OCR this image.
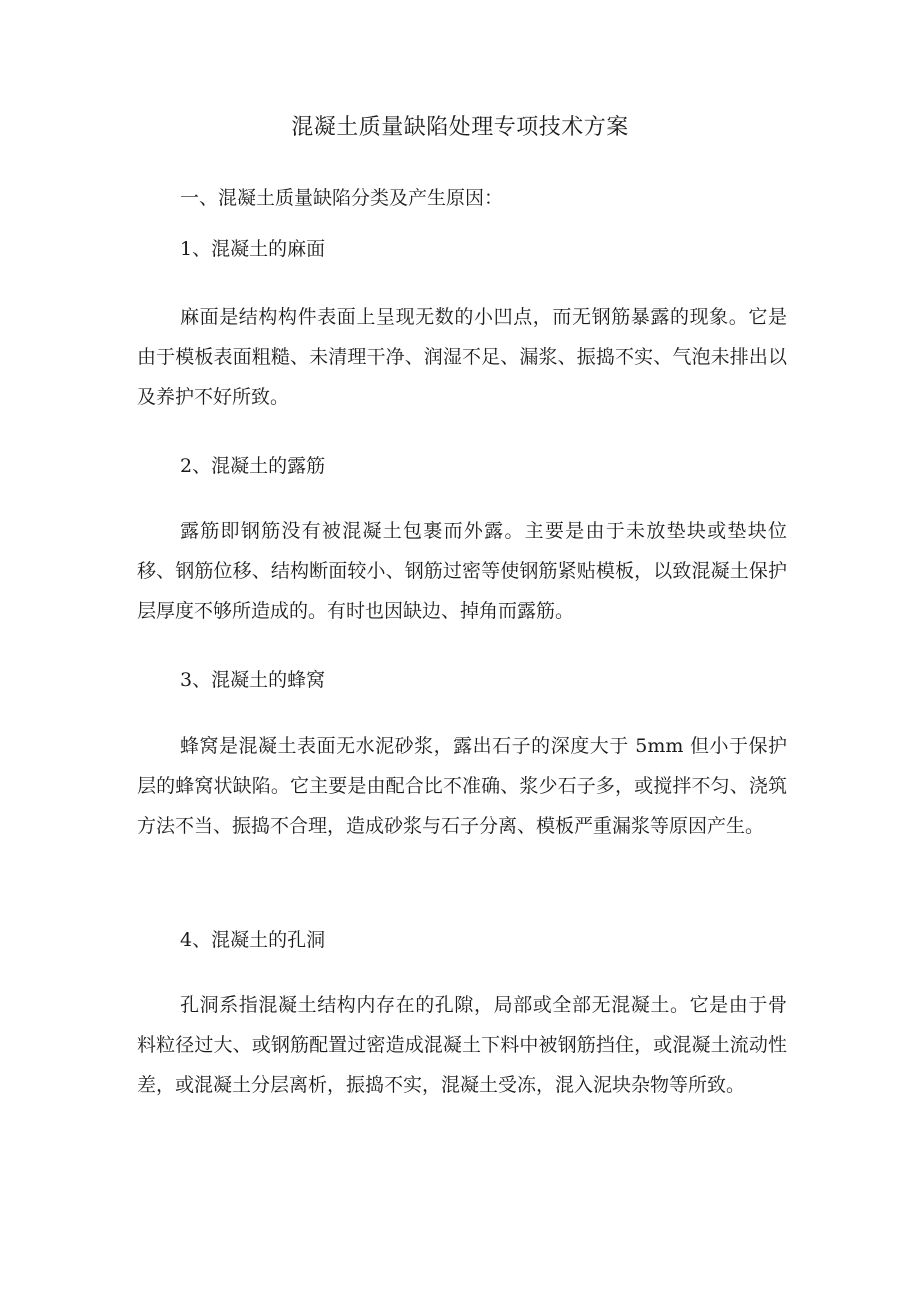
混凝土质量缺陷处理专项技术方案
一、混凝土质量缺陷分类及产生原因：
1、混凝土的麻面

麻面是结构构件表面上呈现无数的小凹点，而无钢筋暴露的现象。它是由于模板表面粗糙、未清理干净、润湿不足、漏浆、振捣不实、气泡未排出以及养护不好所致。

2、混凝土的露筋

露筋即钢筋没有被混凝土包裹而外露。主要是由于未放垫块或垫块位移、钢筋位移、结构断面较小、钢筋过密等使钢筋紧贴模板，以致混凝土保护层厚度不够所造成的。有时也因缺边、掉角而露筋。

3、混凝土的蜂窝

蜂窝是混凝土表面无水泥砂浆，露出石子的深度大于 5mm 但小于保护层的蜂窝状缺陷。它主要是由配合比不准确、浆少石子多，或搅拌不匀、浇筑方法不当、振捣不合理，造成砂浆与石子分离、模板严重漏浆等原因产生。

4、混凝土的孔洞

孔洞系指混凝土结构内存在的孔隙，局部或全部无混凝土。它是由于骨料粒径过大、或钢筋配置过密造成混凝土下料中被钢筋挡住，或混凝土流动性差，或混凝土分层离析，振捣不实，混凝土受冻，混入泥块杂物等所致。
